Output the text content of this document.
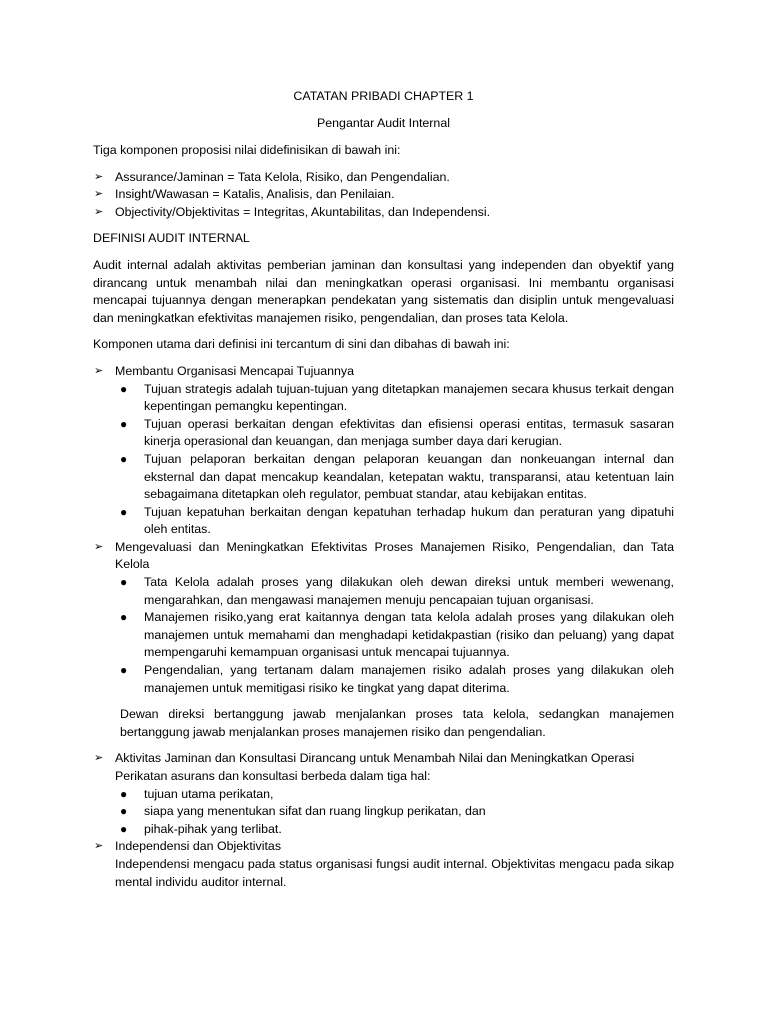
CATATAN PRIBADI CHAPTER 1

Pengantar Audit Internal

Tiga komponen proposisi nilai didefinisikan di bawah ini:

➢ Assurance/Jaminan = Tata Kelola, Risiko, dan Pengendalian.
➢ Insight/Wawasan = Katalis, Analisis, dan Penilaian.
➢ Objectivity/Objektivitas = Integritas, Akuntabilitas, dan Independensi.

DEFINISI AUDIT INTERNAL

Audit internal adalah aktivitas pemberian jaminan dan konsultasi yang independen dan obyektif yang dirancang untuk menambah nilai dan meningkatkan operasi organisasi. Ini membantu organisasi mencapai tujuannya dengan menerapkan pendekatan yang sistematis dan disiplin untuk mengevaluasi dan meningkatkan efektivitas manajemen risiko, pengendalian, dan proses tata Kelola.

Komponen utama dari definisi ini tercantum di sini dan dibahas di bawah ini:

➢ Membantu Organisasi Mencapai Tujuannya
● Tujuan strategis adalah tujuan-tujuan yang ditetapkan manajemen secara khusus terkait dengan kepentingan pemangku kepentingan.
● Tujuan operasi berkaitan dengan efektivitas dan efisiensi operasi entitas, termasuk sasaran kinerja operasional dan keuangan, dan menjaga sumber daya dari kerugian.
● Tujuan pelaporan berkaitan dengan pelaporan keuangan dan nonkeuangan internal dan eksternal dan dapat mencakup keandalan, ketepatan waktu, transparansi, atau ketentuan lain sebagaimana ditetapkan oleh regulator, pembuat standar, atau kebijakan entitas.
● Tujuan kepatuhan berkaitan dengan kepatuhan terhadap hukum dan peraturan yang dipatuhi oleh entitas.
➢ Mengevaluasi dan Meningkatkan Efektivitas Proses Manajemen Risiko, Pengendalian, dan Tata Kelola
● Tata Kelola adalah proses yang dilakukan oleh dewan direksi untuk memberi wewenang, mengarahkan, dan mengawasi manajemen menuju pencapaian tujuan organisasi.
● Manajemen risiko,yang erat kaitannya dengan tata kelola adalah proses yang dilakukan oleh manajemen untuk memahami dan menghadapi ketidakpastian (risiko dan peluang) yang dapat mempengaruhi kemampuan organisasi untuk mencapai tujuannya.
● Pengendalian, yang tertanam dalam manajemen risiko adalah proses yang dilakukan oleh manajemen untuk memitigasi risiko ke tingkat yang dapat diterima.

Dewan direksi bertanggung jawab menjalankan proses tata kelola, sedangkan manajemen bertanggung jawab menjalankan proses manajemen risiko dan pengendalian.

➢ Aktivitas Jaminan dan Konsultasi Dirancang untuk Menambah Nilai dan Meningkatkan Operasi
Perikatan asurans dan konsultasi berbeda dalam tiga hal:
● tujuan utama perikatan,
● siapa yang menentukan sifat dan ruang lingkup perikatan, dan
● pihak-pihak yang terlibat.
➢ Independensi dan Objektivitas
Independensi mengacu pada status organisasi fungsi audit internal. Objektivitas mengacu pada sikap mental individu auditor internal.
